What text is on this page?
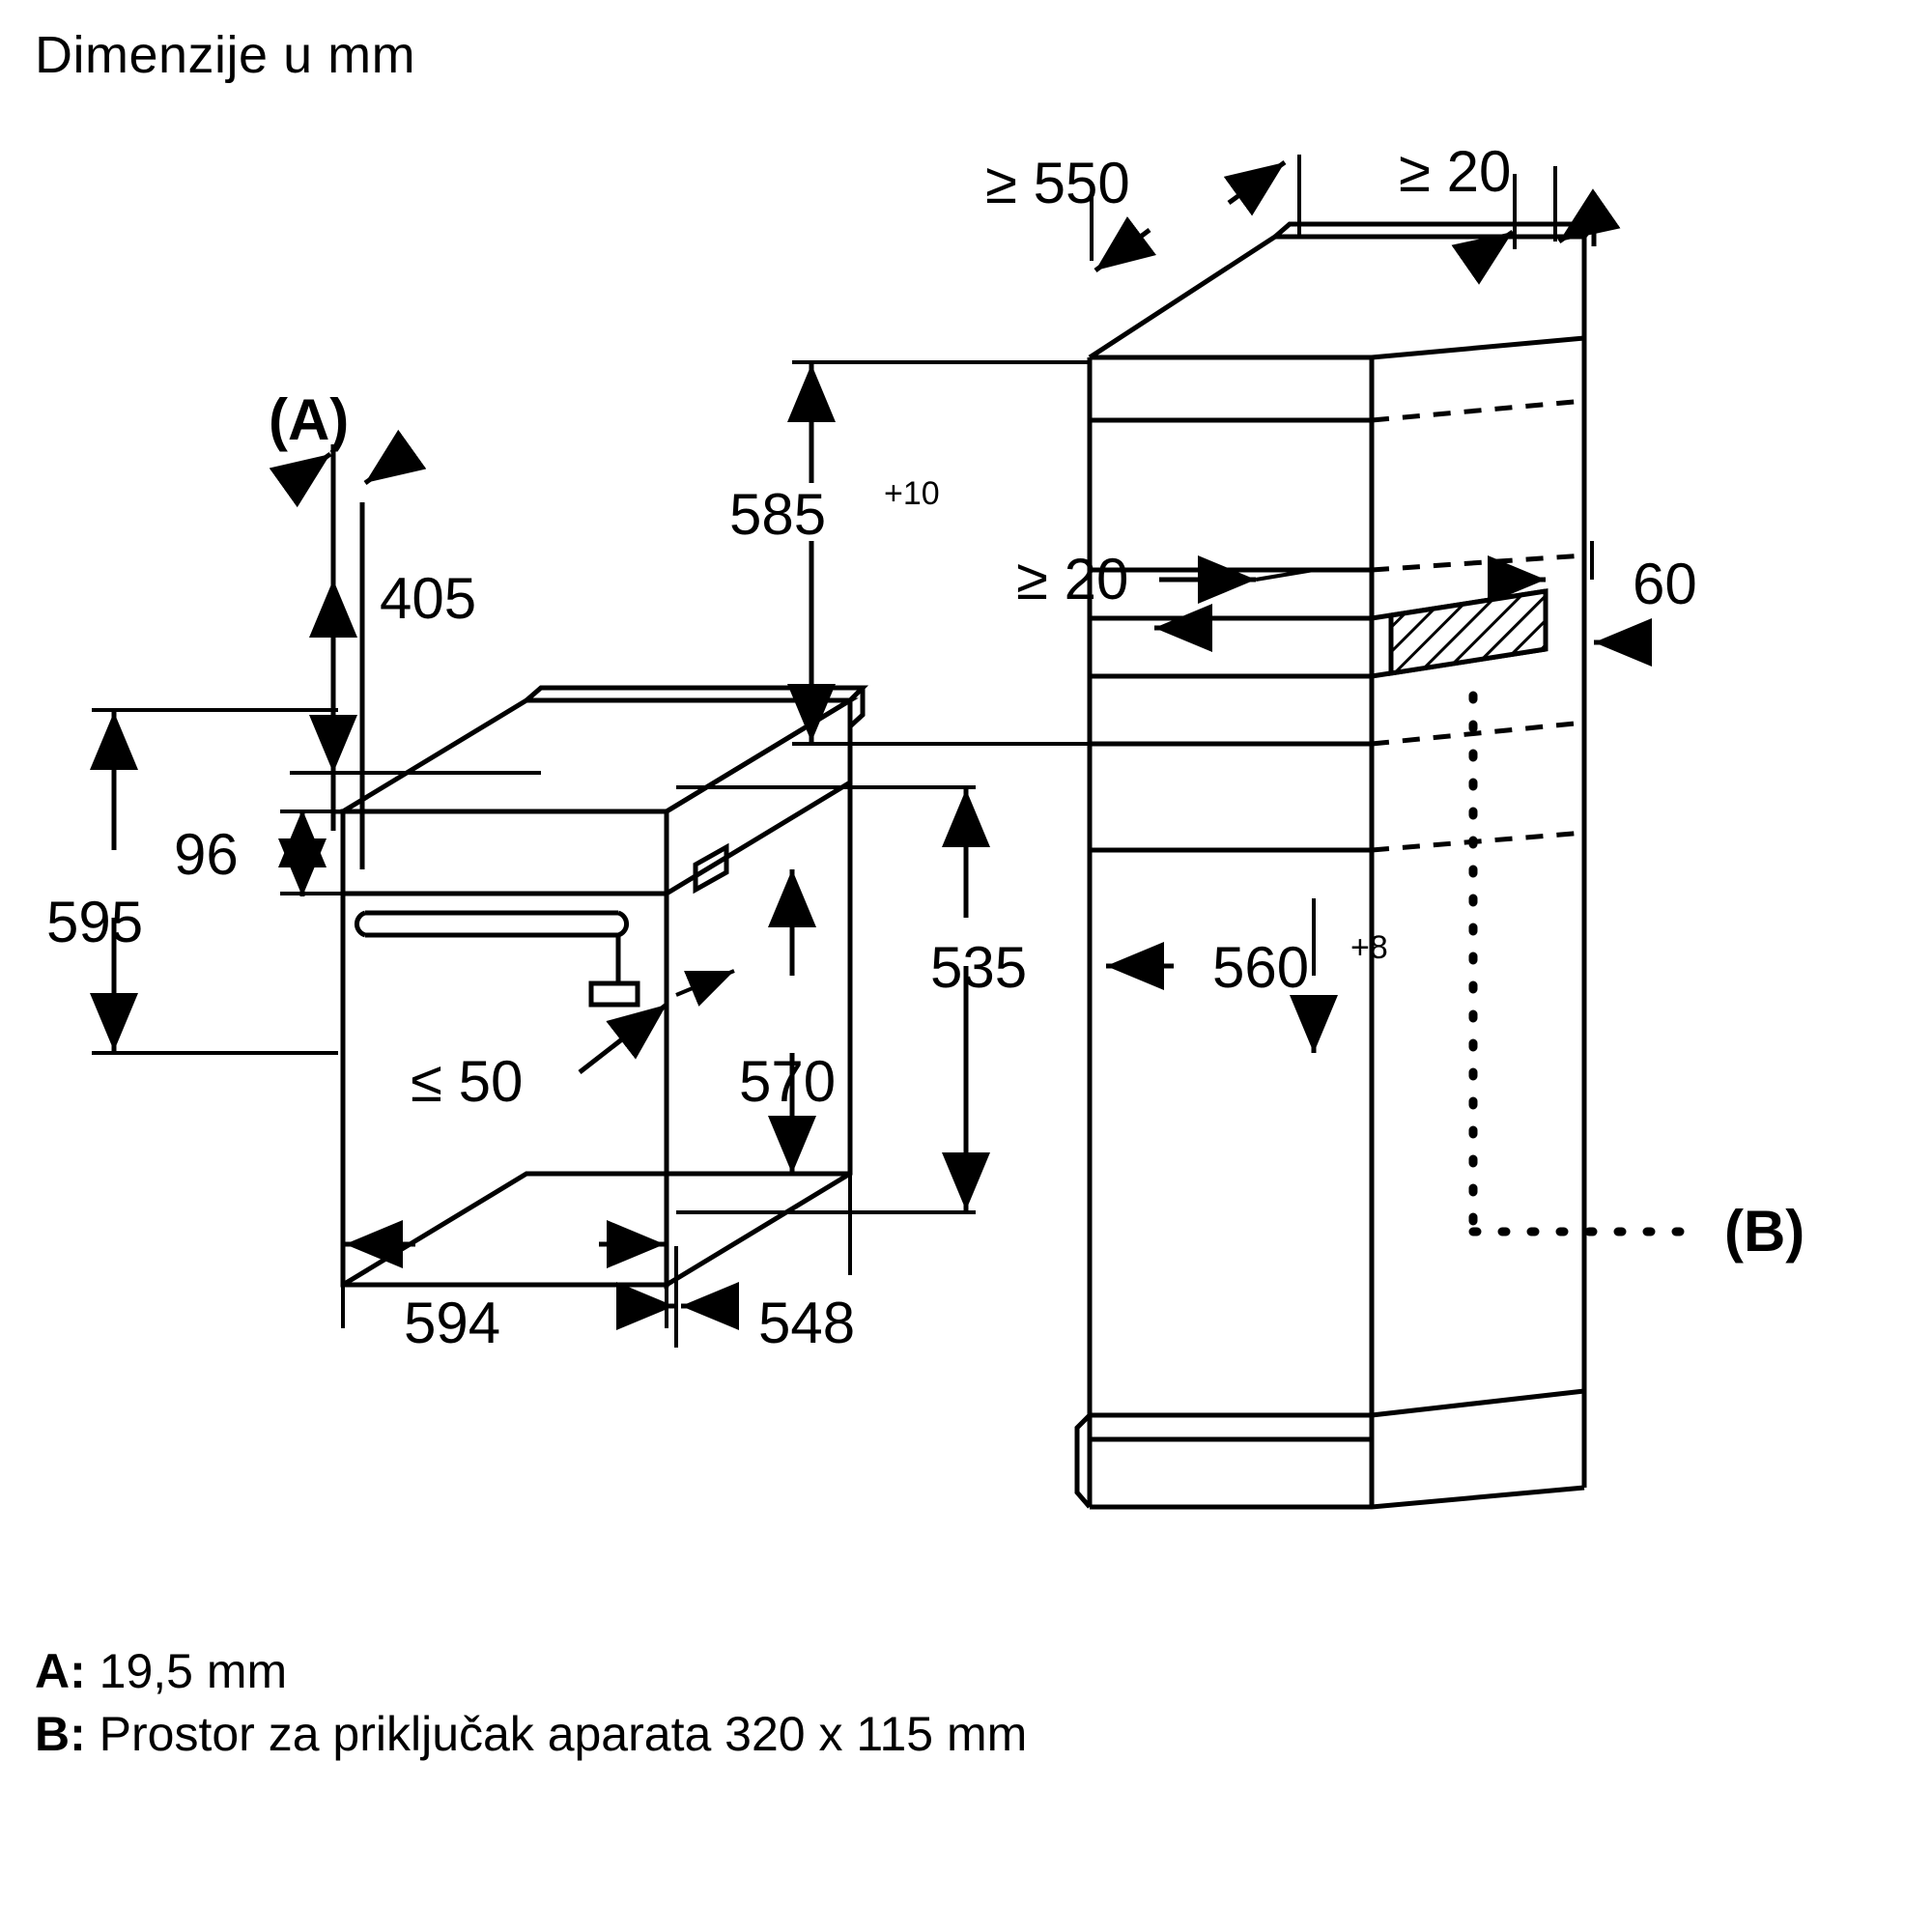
Dimenzije u mm
(A)
405
96
595
≤ 50
594	548
570
535
≥ 550	≥ 20
585 +10
≥ 20	60
560 +8
(B)
A: 19,5 mm
B: Prostor za priključak aparata 320 x 115 mm
